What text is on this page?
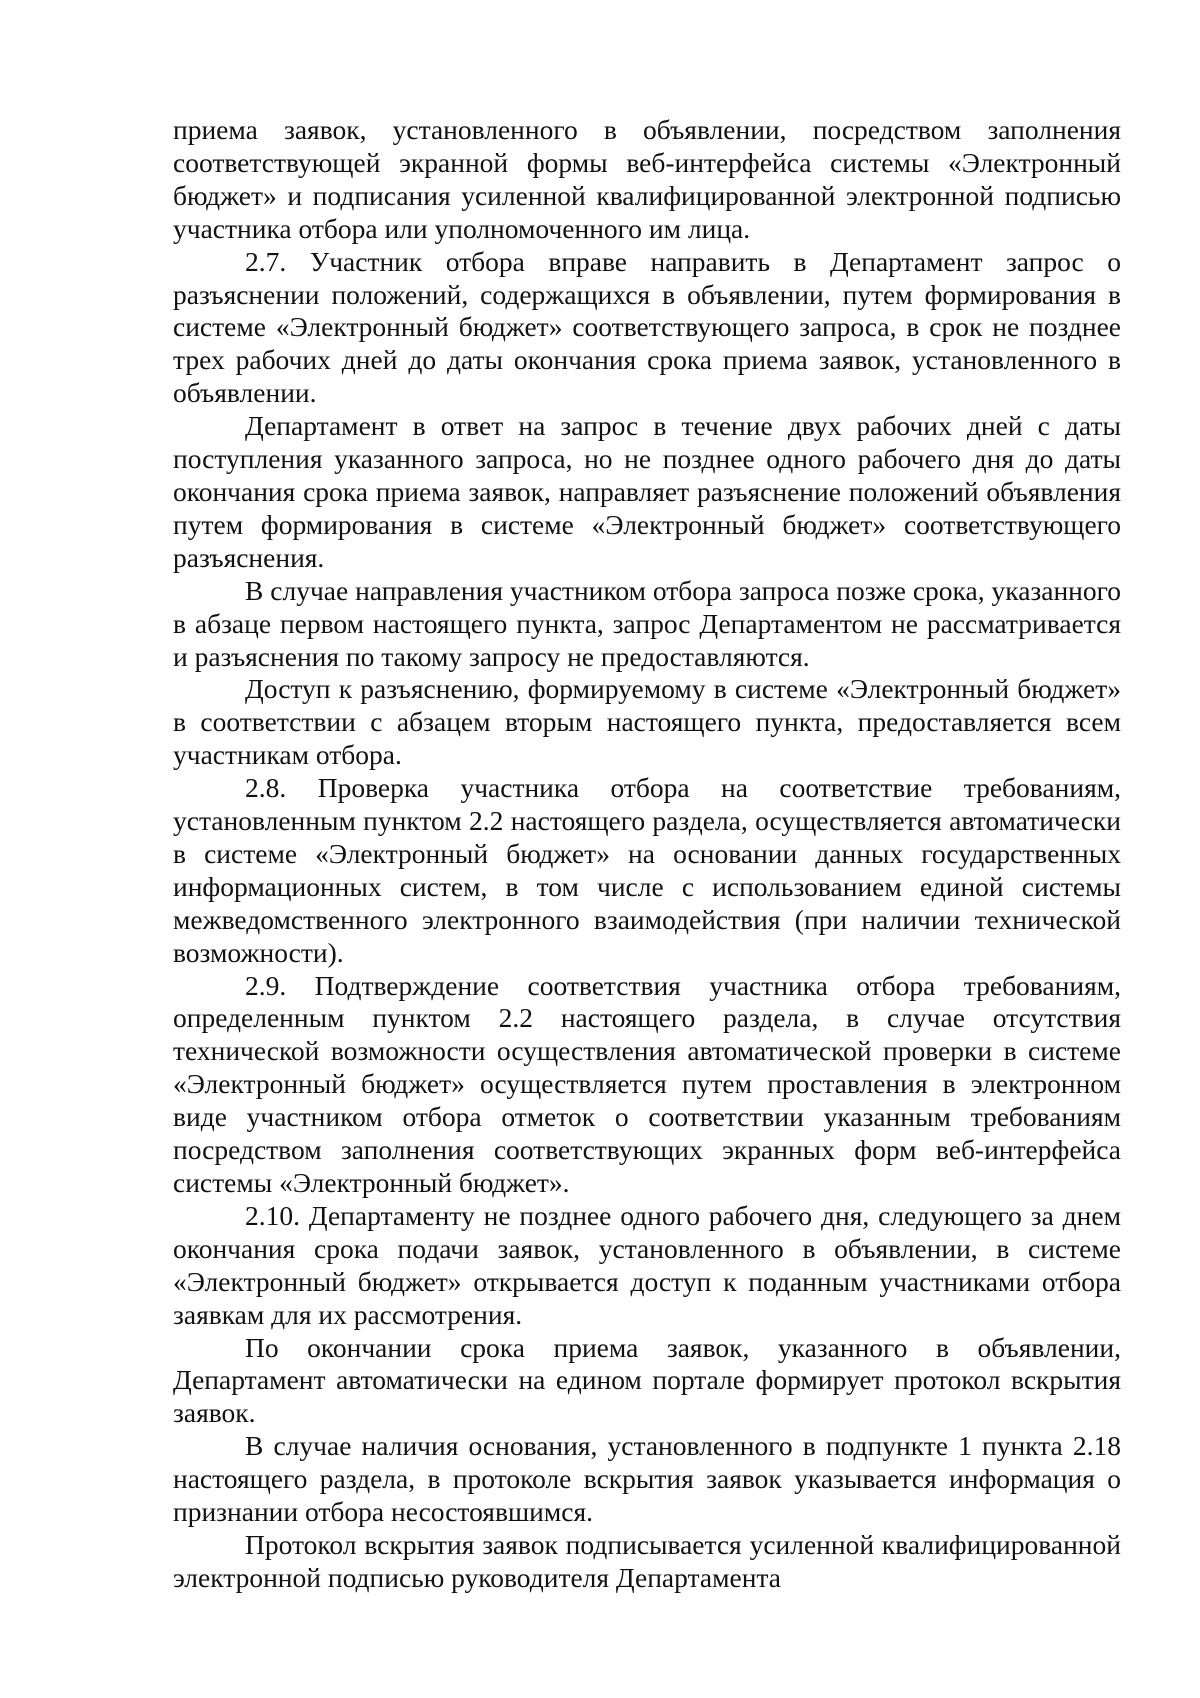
приема заявок, установленного в объявлении, посредством заполнения соответствующей экранной формы веб-интерфейса системы «Электронный бюджет» и подписания усиленной квалифицированной электронной подписью участника отбора или уполномоченного им лица.

2.7. Участник отбора вправе направить в Департамент запрос о разъяснении положений, содержащихся в объявлении, путем формирования в системе «Электронный бюджет» соответствующего запроса, в срок не позднее трех рабочих дней до даты окончания срока приема заявок, установленного в объявлении.

Департамент в ответ на запрос в течение двух рабочих дней с даты поступления указанного запроса, но не позднее одного рабочего дня до даты окончания срока приема заявок, направляет разъяснение положений объявления путем формирования в системе «Электронный бюджет» соответствующего разъяснения.

В случае направления участником отбора запроса позже срока, указанного в абзаце первом настоящего пункта, запрос Департаментом не рассматривается и разъяснения по такому запросу не предоставляются.

Доступ к разъяснению, формируемому в системе «Электронный бюджет» в соответствии с абзацем вторым настоящего пункта, предоставляется всем участникам отбора.

2.8. Проверка участника отбора на соответствие требованиям, установленным пунктом 2.2 настоящего раздела, осуществляется автоматически в системе «Электронный бюджет» на основании данных государственных информационных систем, в том числе с использованием единой системы межведомственного электронного взаимодействия (при наличии технической возможности).

2.9. Подтверждение соответствия участника отбора требованиям, определенным пунктом 2.2 настоящего раздела, в случае отсутствия технической возможности осуществления автоматической проверки в системе «Электронный бюджет» осуществляется путем проставления в электронном виде участником отбора отметок о соответствии указанным требованиям посредством заполнения соответствующих экранных форм веб-интерфейса системы «Электронный бюджет».

2.10. Департаменту не позднее одного рабочего дня, следующего за днем окончания срока подачи заявок, установленного в объявлении, в системе «Электронный бюджет» открывается доступ к поданным участниками отбора заявкам для их рассмотрения.

По окончании срока приема заявок, указанного в объявлении, Департамент автоматически на едином портале формирует протокол вскрытия заявок.

В случае наличия основания, установленного в подпункте 1 пункта 2.18 настоящего раздела, в протоколе вскрытия заявок указывается информация о признании отбора несостоявшимся.

Протокол вскрытия заявок подписывается усиленной квалифицированной электронной подписью руководителя Департамента
